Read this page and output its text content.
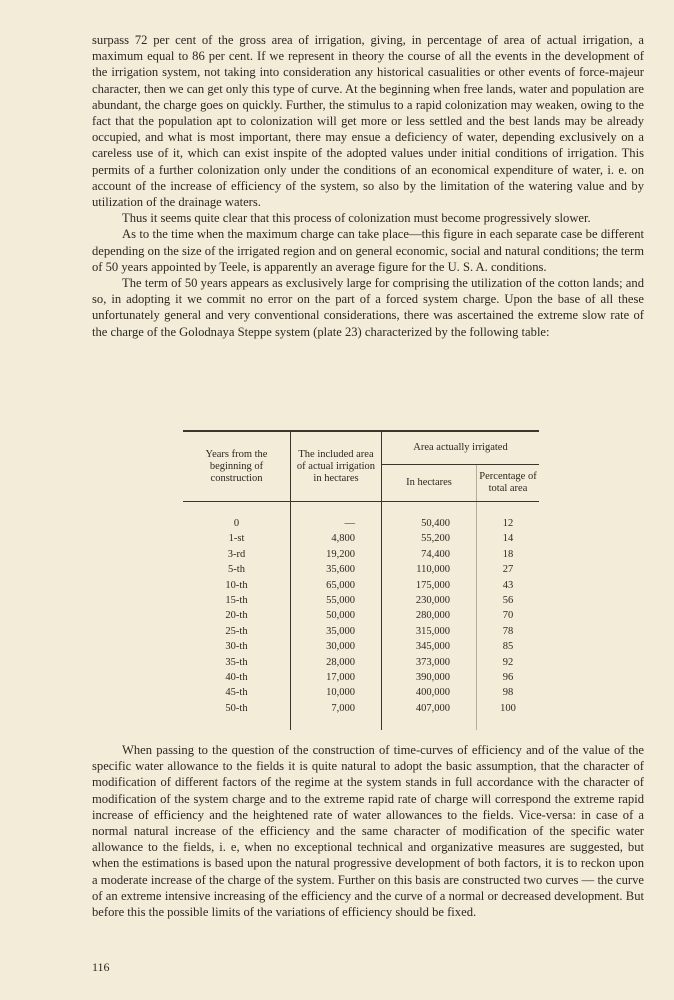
surpass 72 per cent of the gross area of irrigation, giving, in percentage of area of actual irrigation, a maximum equal to 86 per cent. If we represent in theory the course of all the events in the development of the irrigation system, not taking into consideration any historical casualities or other events of force-majeur character, then we can get only this type of curve. At the beginning when free lands, water and population are abundant, the charge goes on quickly. Further, the stimulus to a rapid colonization may weaken, owing to the fact that the population apt to colonization will get more or less settled and the best lands may be already occupied, and what is most important, there may ensue a deficiency of water, depending exclusively on a careless use of it, which can exist inspite of the adopted values under initial conditions of irrigation. This permits of a further colonization only under the conditions of an economical expenditure of water, i. e. on account of the increase of efficiency of the system, so also by the limitation of the watering value and by utilization of the drainage waters.

Thus it seems quite clear that this process of colonization must become progressively slower.

As to the time when the maximum charge can take place—this figure in each separate case be different depending on the size of the irrigated region and on general economic, social and natural conditions; the term of 50 years appointed by Teele, is apparently an average figure for the U. S. A. conditions.

The term of 50 years appears as exclusively large for comprising the utilization of the cotton lands; and so, in adopting it we commit no error on the part of a forced system charge. Upon the base of all these unfortunately general and very conventional considerations, there was ascertained the extreme slow rate of the charge of the Golodnaya Steppe system (plate 23) characterized by the following table:

Years from the beginning of construction	The included area of actual irrigation in hectares	Area actually irrigated	
		In hectares	Percentage of total area

0	—	50,400	12
1-st	4,800	55,200	14
3-rd	19,200	74,400	18
5-th	35,600	110,000	27
10-th	65,000	175,000	43
15-th	55,000	230,000	56
20-th	50,000	280,000	70
25-th	35,000	315,000	78
30-th	30,000	345,000	85
35-th	28,000	373,000	92
40-th	17,000	390,000	96
45-th	10,000	400,000	98
50-th	7,000	407,000	100

When passing to the question of the construction of time-curves of efficiency and of the value of the specific water allowance to the fields it is quite natural to adopt the basic assumption, that the character of modification of different factors of the regime at the system stands in full accordance with the character of modification of the system charge and to the extreme rapid rate of charge will correspond the extreme rapid increase of efficiency and the heightened rate of water allowances to the fields. Vice-versa: in case of a normal natural increase of the efficiency and the same character of modification of the specific water allowance to the fields, i. e, when no exceptional technical and organizative measures are suggested, but when the estimations is based upon the natural progressive development of both factors, it is to reckon upon a moderate increase of the charge of the system. Further on this basis are constructed two curves — the curve of an extreme intensive increasing of the efficiency and the curve of a normal or decreased development. But before this the possible limits of the variations of efficiency should be fixed.

116
